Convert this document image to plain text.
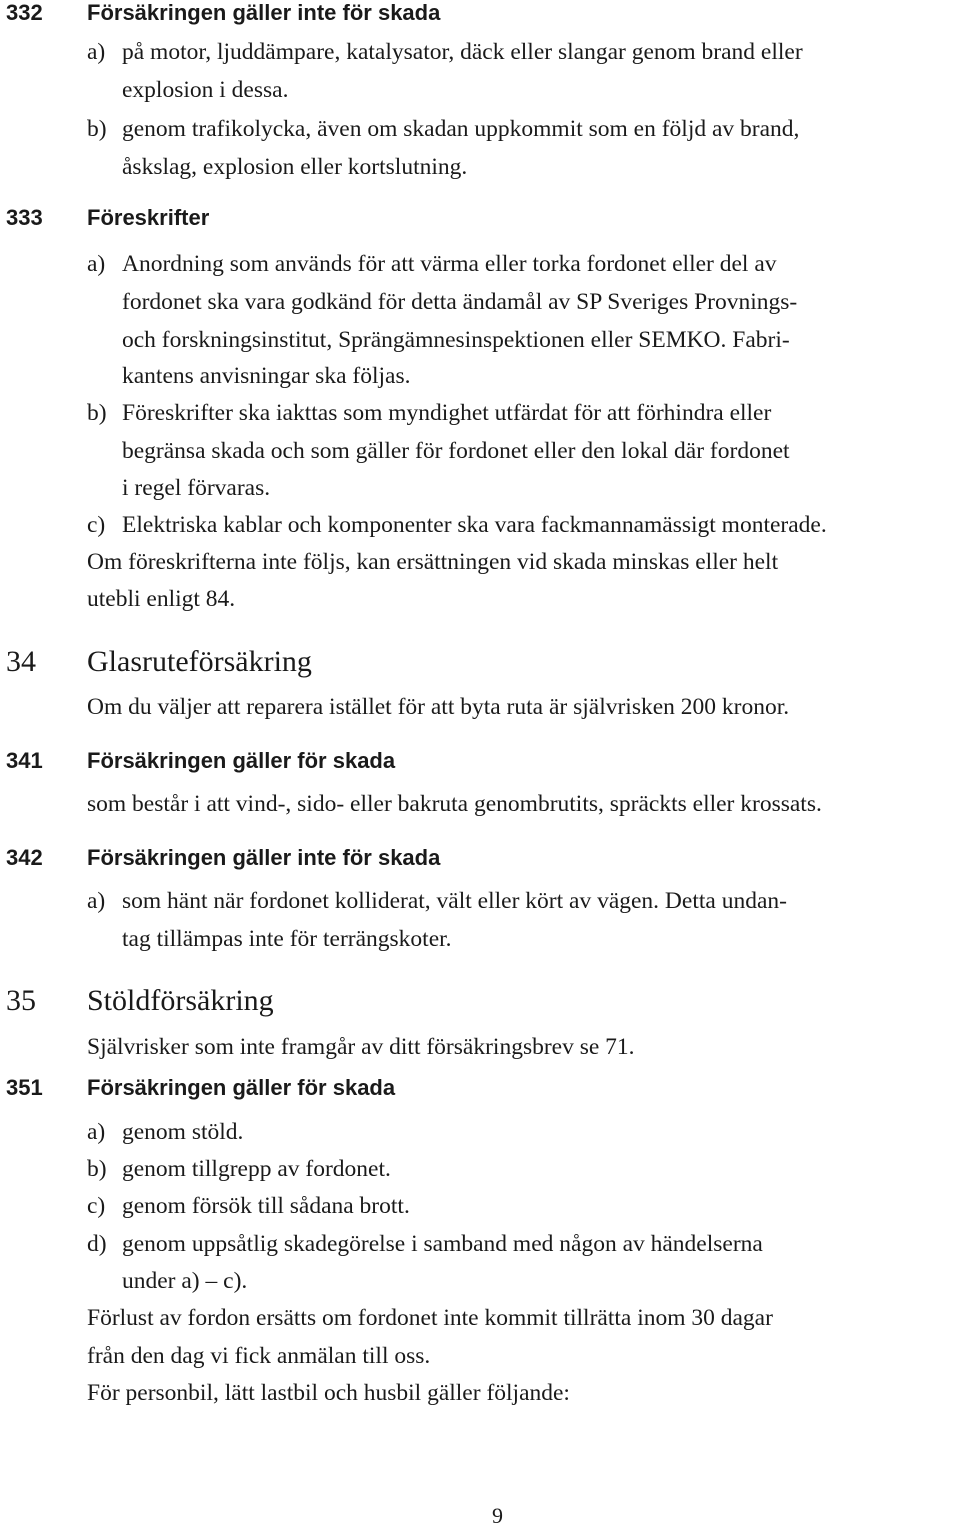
332 Försäkringen gäller inte för skada
a) på motor, ljuddämpare, katalysator, däck eller slangar genom brand eller
explosion i dessa.
b) genom trafikolycka, även om skadan uppkommit som en följd av brand,
åskslag, explosion eller kortslutning.
333 Föreskrifter
a) Anordning som används för att värma eller torka fordonet eller del av
fordonet ska vara godkänd för detta ändamål av SP Sveriges Provnings-
och forskningsinstitut, Sprängämnesinspektionen eller SEMKO. Fabri-
kantens anvisningar ska följas.
b) Föreskrifter ska iakttas som myndighet utfärdat för att förhindra eller
begränsa skada och som gäller för fordonet eller den lokal där fordonet
i regel förvaras.
c) Elektriska kablar och komponenter ska vara fackmannamässigt monterade.
Om föreskrifterna inte följs, kan ersättningen vid skada minskas eller helt
utebli enligt 84.
34 Glasruteförsäkring
Om du väljer att reparera istället för att byta ruta är självrisken 200 kronor.
341 Försäkringen gäller för skada
som består i att vind-, sido- eller bakruta genombrutits, spräckts eller krossats.
342 Försäkringen gäller inte för skada
a) som hänt när fordonet kolliderat, vält eller kört av vägen. Detta undan-
tag tillämpas inte för terrängskoter.
35 Stöldförsäkring
Självrisker som inte framgår av ditt försäkringsbrev se 71.
351 Försäkringen gäller för skada
a) genom stöld.
b) genom tillgrepp av fordonet.
c) genom försök till sådana brott.
d) genom uppsåtlig skadegörelse i samband med någon av händelserna
under a) – c).
Förlust av fordon ersätts om fordonet inte kommit tillrätta inom 30 dagar
från den dag vi fick anmälan till oss.
För personbil, lätt lastbil och husbil gäller följande:
9
